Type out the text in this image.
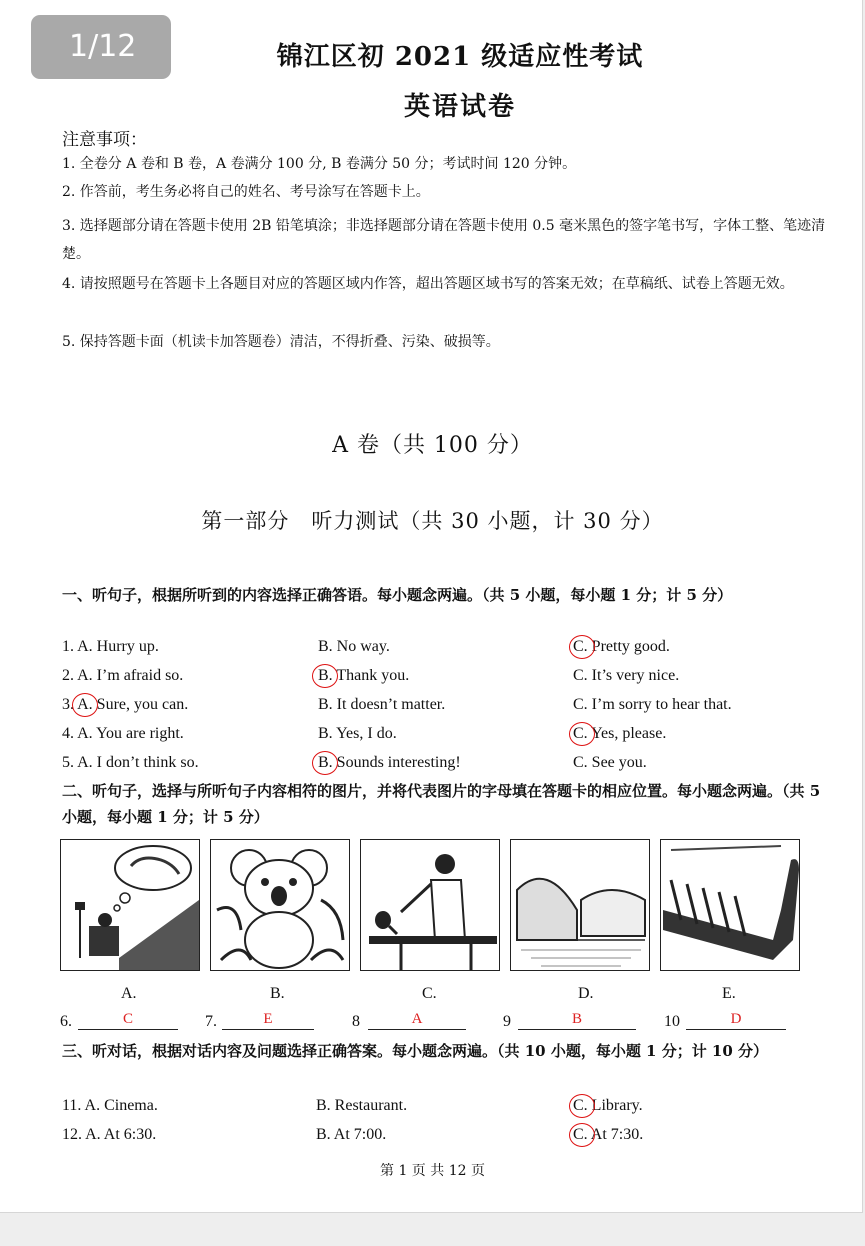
1/12	锦江区初 2021 级适应性考试
英语试卷
注意事项：
1. 全卷分 A 卷和 B 卷，A 卷满分 100 分, B 卷满分 50 分；考试时间 120 分钟。
2. 作答前，考生务必将自己的姓名、考号涂写在答题卡上。
3. 选择题部分请在答题卡使用 2B 铅笔填涂；非选择题部分请在答题卡使用 0.5 毫米黑色的签字笔书写，字体工整、笔迹清楚。
4. 请按照题号在答题卡上各题目对应的答题区域内作答，超出答题区域书写的答案无效；在草稿纸、试卷上答题无效。
5. 保持答题卡面（机读卡加答题卷）清洁，不得折叠、污染、破损等。
A 卷（共 100 分）
第一部分　听力测试（共 30 小题，计 30 分）
一、听句子，根据所听到的内容选择正确答语。每小题念两遍。（共 5 小题，每小题 1 分；计 5 分）
1. A. Hurry up.	B. No way.	C. Pretty good.
2. A. I’m afraid so.	B. Thank you.	C. It’s very nice.
3. A. Sure, you can.	B. It doesn’t matter.	C. I’m sorry to hear that.
4. A. You are right.	B. Yes, I do.	C. Yes, please.
5. A. I don’t think so.	B. Sounds interesting!	C. See you.
二、听句子，选择与所听句子内容相符的图片，并将代表图片的字母填在答题卡的相应位置。每小题念两遍。（共 5 小题，每小题 1 分；计 5 分）
A.	B.	C.	D.	E.
6.	C	7.	E	8	A	9	B	10	D
三、听对话，根据对话内容及问题选择正确答案。每小题念两遍。（共 10 小题，每小题 1 分；计 10 分）
11. A. Cinema.	B. Restaurant.	C. Library.
12. A. At 6:30.	B. At 7:00.	C. At 7:30.
第 1 页 共 12 页
